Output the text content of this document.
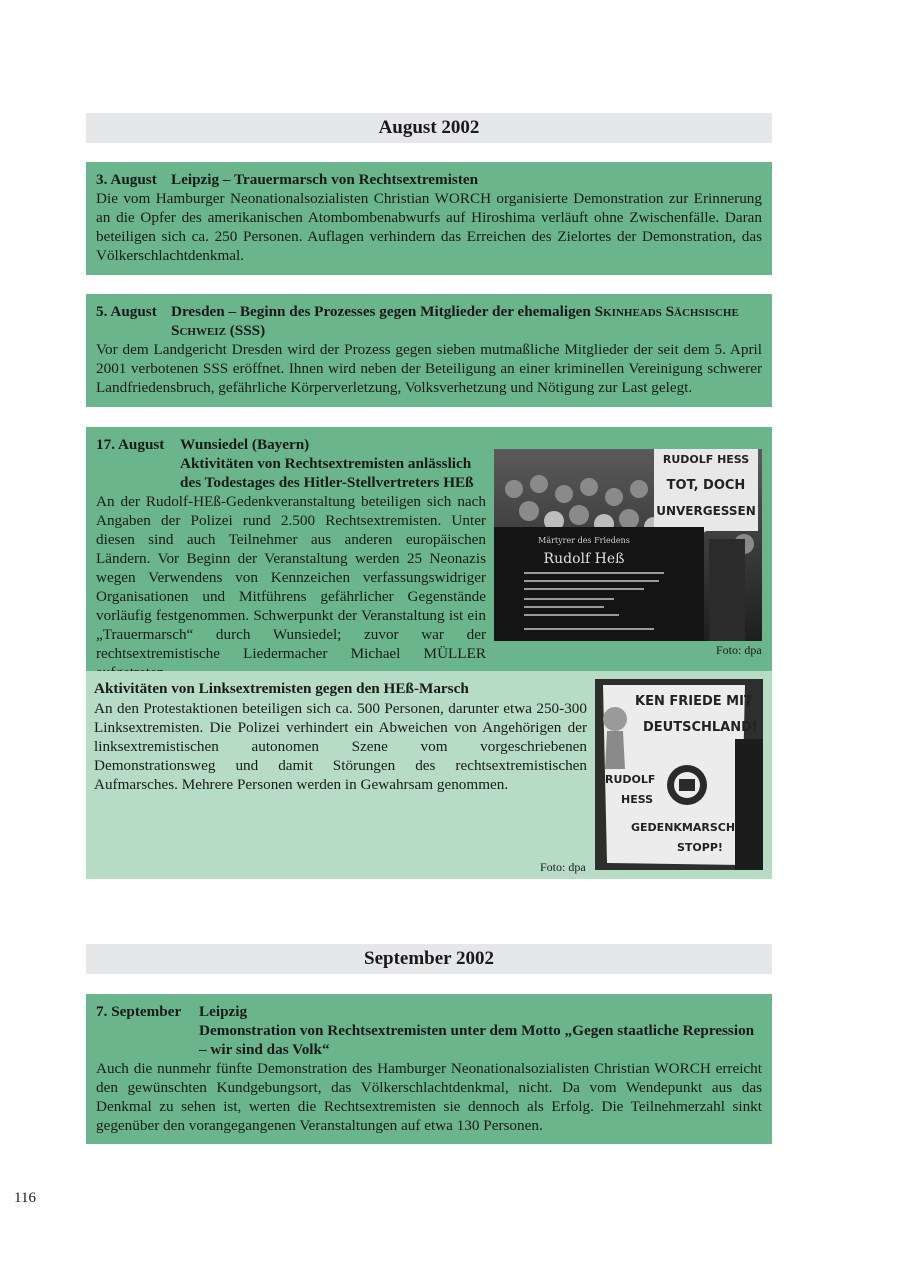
August 2002
3. August Leipzig – Trauermarsch von Rechtsextremisten

Die vom Hamburger Neonationalsozialisten Christian WORCH organisierte Demonstration zur Erinnerung an die Opfer des amerikanischen Atombombenabwurfs auf Hiroshima verläuft ohne Zwischenfälle. Daran beteiligen sich ca. 250 Personen. Auflagen verhindern das Erreichen des Zielortes der Demonstration, das Völkerschlachtdenkmal.

5. August Dresden – Beginn des Prozesses gegen Mitglieder der ehemaligen Skinheads Sächsische Schweiz (SSS)

Vor dem Landgericht Dresden wird der Prozess gegen sieben mutmaßliche Mitglieder der seit dem 5. April 2001 verbotenen SSS eröffnet. Ihnen wird neben der Beteiligung an einer kriminellen Vereinigung schwerer Landfriedensbruch, gefährliche Körperverletzung, Volksverhetzung und Nötigung zur Last gelegt.

17. August	Wunsiedel (Bayern)
Aktivitäten von Rechtsextremisten anlässlich
des Todestages des Hitler-Stellvertreters HEß

An der Rudolf-HEß-Gedenkveranstaltung beteiligen sich nach Angaben der Polizei rund 2.500 Rechtsextremisten. Unter diesen sind auch Teilnehmer aus anderen europäischen Ländern. Vor Beginn der Veranstaltung werden 25 Neonazis wegen Verwendens von Kennzeichen verfassungswidriger Organisationen und Mitführens gefährlicher Gegenstände vorläufig festgenommen. Schwerpunkt der Veranstaltung ist ein „Trauermarsch“ durch Wunsiedel; zuvor war der rechtsextremistische Liedermacher Michael MÜLLER

RUDOLF HESS
TOT, DOCH
UNVERGESSEN
Märtyrer des Friedens
Rudolf Heß
Foto: dpa
Aktivitäten von Linksextremisten gegen den HEß-Marsch

An den Protestaktionen beteiligen sich ca. 500 Personen, darunter etwa 250-300 Linksextremisten. Die Polizei verhindert ein Abweichen von Angehörigen der linksextremistischen autonomen Szene vom vorgeschriebenen Demonstrationsweg und damit Störungen des rechtsextremistischen Aufmarsches. Mehrere Personen werden in Gewahrsam genommen.

Foto: dpa
KEN FRIEDE MIT
DEUTSCHLAND!
RUDOLF
HESS
GEDENKMARSCH
STOPP!
September 2002
7. September	Leipzig
Demonstration von Rechtsextremisten unter dem Motto „Gegen staatliche Repression – wir sind das Volk“

Auch die nunmehr fünfte Demonstration des Hamburger Neonationalsozialisten Christian WORCH erreicht den gewünschten Kundgebungsort, das Völkerschlachtdenkmal, nicht. Da vom Wendepunkt aus das Denkmal zu sehen ist, werten die Rechtsextremisten sie dennoch als Erfolg. Die Teilnehmerzahl sinkt gegenüber den vorangegangenen Veranstaltungen auf etwa 130 Personen.

116
